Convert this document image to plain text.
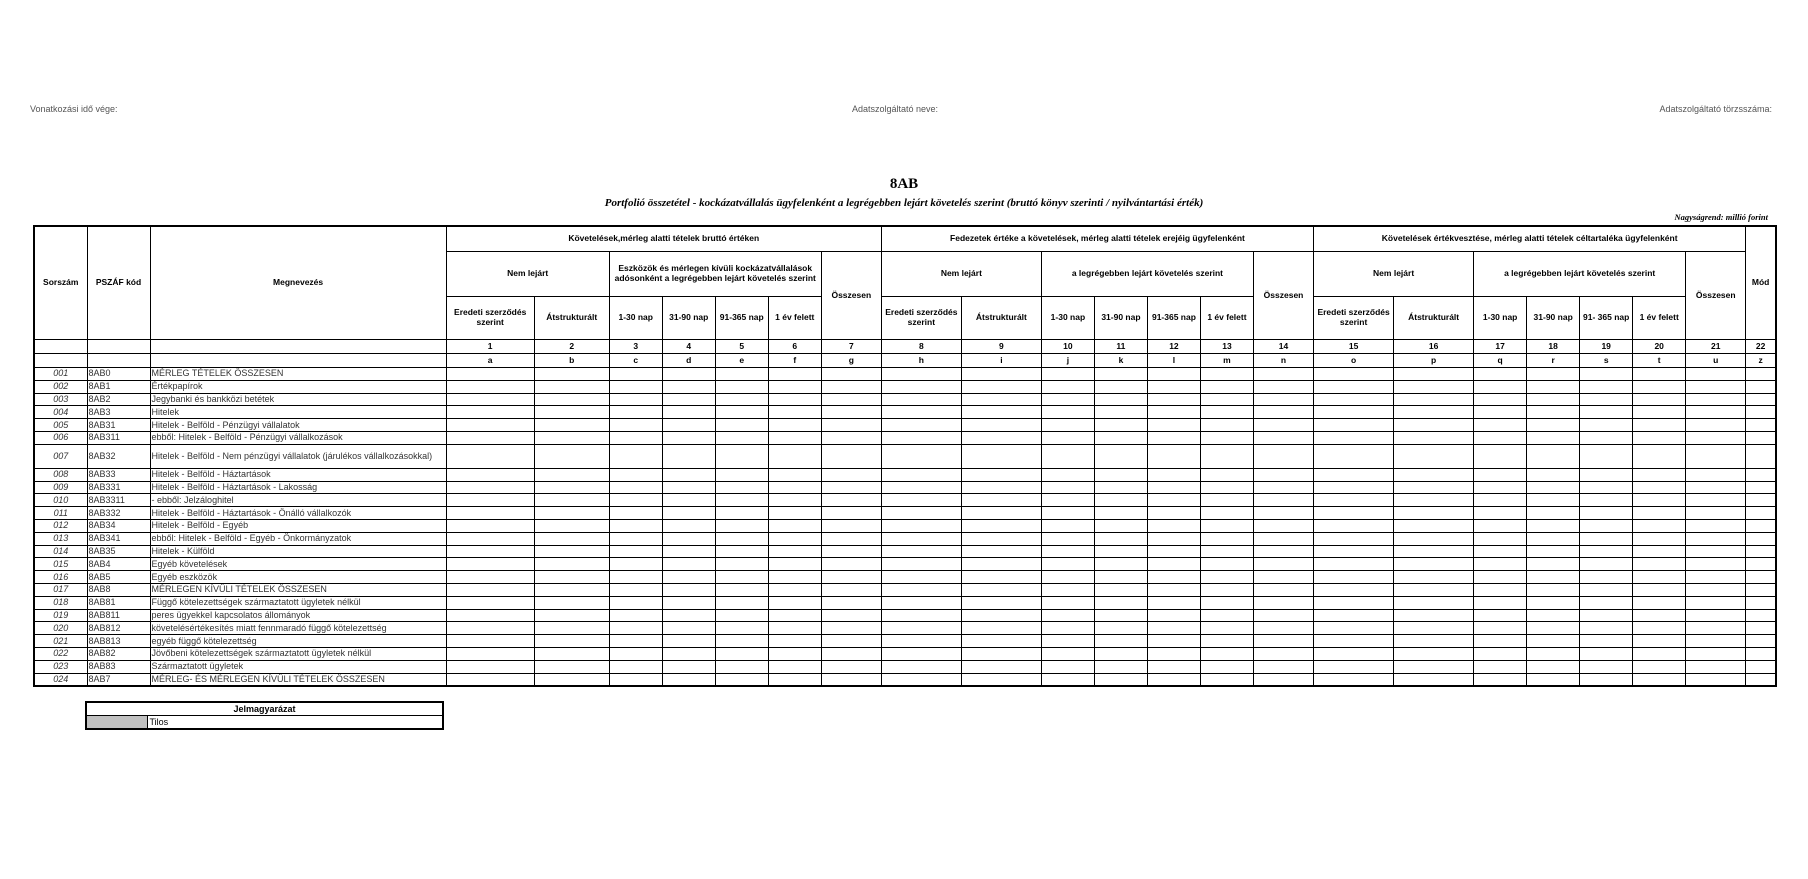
Vonatkozási idő vége:	Adatszolgáltató neve:	Adatszolgáltató törzsszáma:
8AB
Portfolió összetétel - kockázatvállalás ügyfelenként a legrégebben lejárt követelés szerint (bruttó könyv szerinti / nyilvántartási érték)
Nagyságrend: millió forint
Sorszám	PSZÁF kód	Megnevezés	Követelések,mérleg alatti tételek bruttó értéken							Fedezetek értéke a követelések, mérleg alatti tételek erejéig ügyfelenként							Követelések értékvesztése, mérleg alatti tételek céltartaléka ügyfelenként							Mód
			Nem lejárt		Eszközök és mérlegen kívüli kockázatvállalások adósonként a legrégebben lejárt követelés szerint				Összesen	Nem lejárt		a legrégebben lejárt követelés szerint				Összesen	Nem lejárt		a legrégebben lejárt követelés szerint				Összesen	
			Eredeti szerződés szerint	Átstrukturált	1-30 nap	31-90 nap	91-365 nap	1 év felett		Eredeti szerződés szerint	Átstrukturált	1-30 nap	31-90 nap	91-365 nap	1 év felett		Eredeti szerződés szerint	Átstrukturált	1-30 nap	31-90 nap	91- 365 nap	1 év felett		
			1	2	3	4	5	6	7	8	9	10	11	12	13	14	15	16	17	18	19	20	21	22
			a	b	c	d	e	f	g	h	i	j	k	l	m	n	o	p	q	r	s	t	u	z
001	8AB0	MÉRLEG TÉTELEK ÖSSZESEN																						
002	8AB1	Értékpapírok																						
003	8AB2	Jegybanki és bankközi betétek																						
004	8AB3	Hitelek																						
005	8AB31	Hitelek - Belföld - Pénzügyi vállalatok																						
006	8AB311	ebből: Hitelek - Belföld - Pénzügyi vállalkozások																						
007	8AB32	Hitelek - Belföld - Nem pénzügyi vállalatok (járulékos vállalkozásokkal)																						
008	8AB33	Hitelek - Belföld - Háztartások																						
009	8AB331	Hitelek - Belföld - Háztartások - Lakosság																						
010	8AB3311	- ebből: Jelzáloghitel																						
011	8AB332	Hitelek - Belföld - Háztartások - Önálló vállalkozók																						
012	8AB34	Hitelek - Belföld - Egyéb																						
013	8AB341	ebből: Hitelek - Belföld - Egyéb - Önkormányzatok																						
014	8AB35	Hitelek - Külföld																						
015	8AB4	Egyéb követelések																						
016	8AB5	Egyéb eszközök																						
017	8AB8	MÉRLEGEN KÍVÜLI TÉTELEK ÖSSZESEN																						
018	8AB81	Függő kötelezettségek származtatott ügyletek nélkül																						
019	8AB811	peres ügyekkel kapcsolatos állományok																						
020	8AB812	követelésértékesítés miatt fennmaradó függő kötelezettség																						
021	8AB813	egyéb függő kötelezettség																						
022	8AB82	Jövőbeni kötelezettségek származtatott ügyletek nélkül																						
023	8AB83	Származtatott ügyletek																						
024	8AB7	MÉRLEG- ÉS MÉRLEGEN KÍVÜLI TÉTELEK ÖSSZESEN																						
Jelmagyarázat
	Tilos
